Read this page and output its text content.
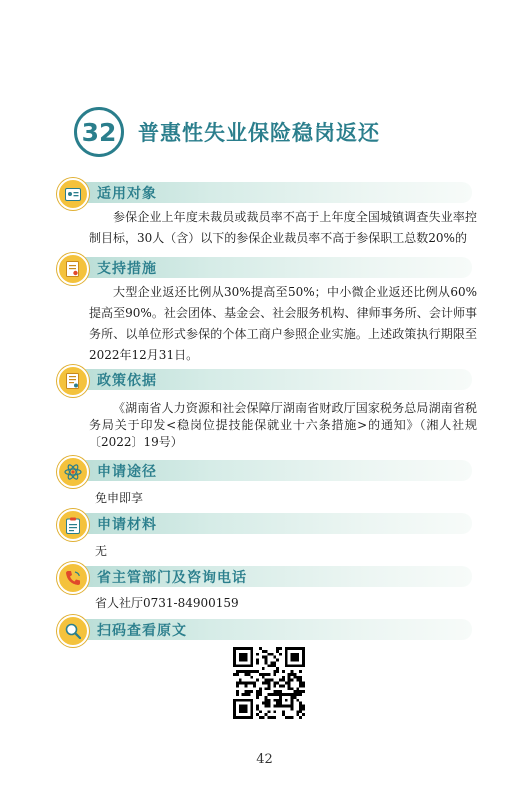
32	普惠性失业保险稳岗返还
适用对象
参保企业上年度未裁员或裁员率不高于上年度全国城镇调查失业率控制目标，30人（含）以下的参保企业裁员率不高于参保职工总数20%的
支持措施
大型企业返还比例从30%提高至50%；中小微企业返还比例从60%提高至90%。社会团体、基金会、社会服务机构、律师事务所、会计师事务所、以单位形式参保的个体工商户参照企业实施。上述政策执行期限至2022年12月31日。
政策依据
《湖南省人力资源和社会保障厅湖南省财政厅国家税务总局湖南省税务局关于印发<稳岗位提技能保就业十六条措施>的通知》（湘人社规〔2022〕19号）
申请途径
免申即享
申请材料
无
省主管部门及咨询电话
省人社厅0731-84900159
扫码查看原文
42
